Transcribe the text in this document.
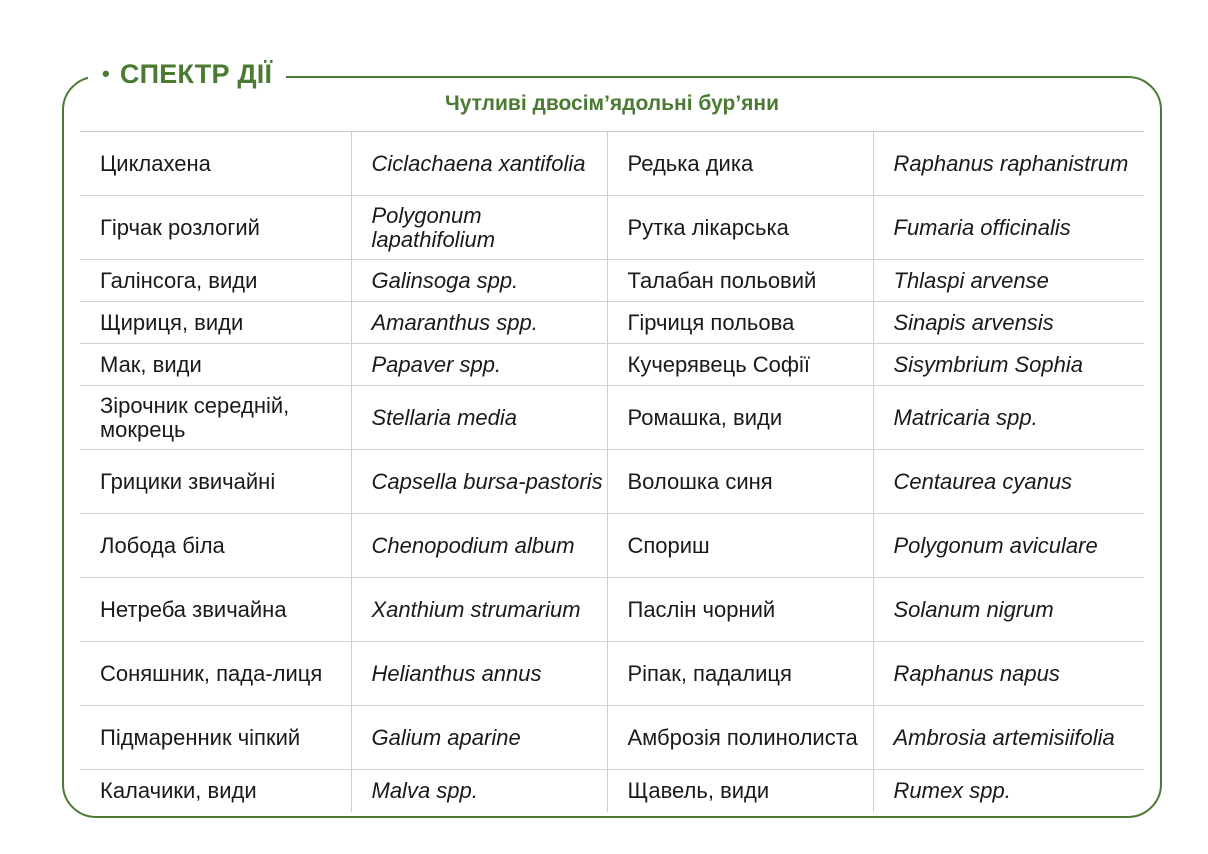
• СПЕКТР ДІЇ
Чутливі двосім’ядольні бур’яни
Циклахена	Ciclachaena xantifolia	Редька дика	Raphanus raphanistrum
Гірчак розлогий	Polygonum lapathifolium	Рутка лікарська	Fumaria officinalis
Галінсога, види	Galinsoga spp.	Талабан польовий	Thlaspi arvense
Щириця, види	Amaranthus spp.	Гірчиця польова	Sinapis arvensis
Мак, види	Papaver spp.	Кучерявець Софії	Sisymbrium Sophia
Зірочник середній, мокрець	Stellaria media	Ромашка, види	Matricaria spp.
Грицики звичайні	Capsella bursa-pastoris	Волошка синя	Centaurea cyanus
Лобода біла	Chenopodium album	Спориш	Polygonum aviculare
Нетреба звичайна	Xanthium strumarium	Паслін чорний	Solanum nigrum
Соняшник, пада-лиця	Helianthus annus	Ріпак, падалиця	Raphanus napus
Підмаренник чіпкий	Galium aparine	Амброзія полинолиста	Ambrosia artemisiifolia
Калачики, види	Malva spp.	Щавель, види	Rumex spp.
